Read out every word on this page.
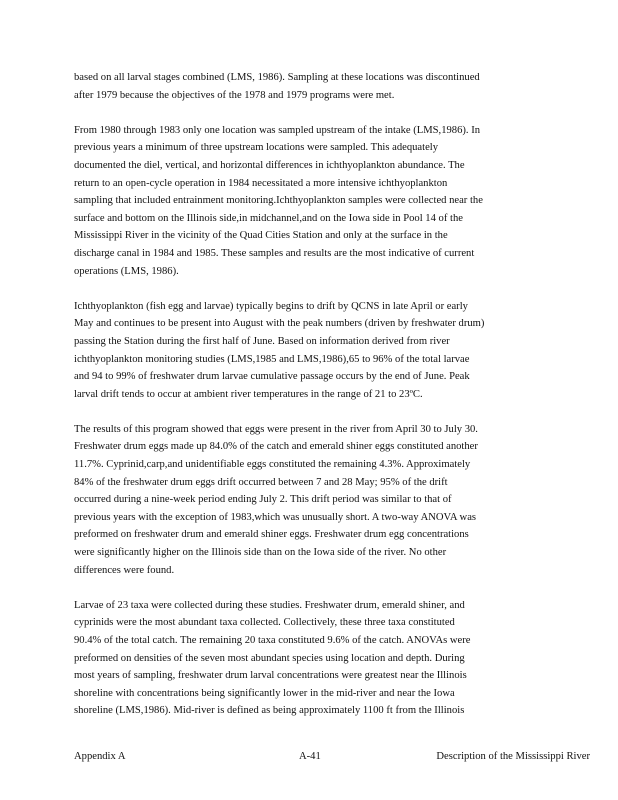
based on all larval stages combined (LMS, 1986). Sampling at these locations was discontinued
after 1979 because the objectives of the 1978 and 1979 programs were met.
From 1980 through 1983 only one location was sampled upstream of the intake (LMS,1986). In
previous years a minimum of three upstream locations were sampled. This adequately
documented the diel, vertical, and horizontal differences in ichthyoplankton abundance. The
return to an open-cycle operation in 1984 necessitated a more intensive ichthyoplankton
sampling that included entrainment monitoring.Ichthyoplankton samples were collected near the
surface and bottom on the Illinois side,in midchannel,and on the Iowa side in Pool 14 of the
Mississippi River in the vicinity of the Quad Cities Station and only at the surface in the
discharge canal in 1984 and 1985. These samples and results are the most indicative of current
operations (LMS, 1986).
Ichthyoplankton (fish egg and larvae) typically begins to drift by QCNS in late April or early
May and continues to be present into August with the peak numbers (driven by freshwater drum)
passing the Station during the first half of June. Based on information derived from river
ichthyoplankton monitoring studies (LMS,1985 and LMS,1986),65 to 96% of the total larvae
and 94 to 99% of freshwater drum larvae cumulative passage occurs by the end of June. Peak
larval drift tends to occur at ambient river temperatures in the range of 21 to 23ºC.
The results of this program showed that eggs were present in the river from April 30 to July 30.
Freshwater drum eggs made up 84.0% of the catch and emerald shiner eggs constituted another
11.7%. Cyprinid,carp,and unidentifiable eggs constituted the remaining 4.3%. Approximately
84% of the freshwater drum eggs drift occurred between 7 and 28 May; 95% of the drift
occurred during a nine-week period ending July 2. This drift period was similar to that of
previous years with the exception of 1983,which was unusually short. A two-way ANOVA was
preformed on freshwater drum and emerald shiner eggs. Freshwater drum egg concentrations
were significantly higher on the Illinois side than on the Iowa side of the river. No other
differences were found.
Larvae of 23 taxa were collected during these studies. Freshwater drum, emerald shiner, and
cyprinids were the most abundant taxa collected. Collectively, these three taxa constituted
90.4% of the total catch. The remaining 20 taxa constituted 9.6% of the catch. ANOVAs were
preformed on densities of the seven most abundant species using location and depth. During
most years of sampling, freshwater drum larval concentrations were greatest near the Illinois
shoreline with concentrations being significantly lower in the mid-river and near the Iowa
shoreline (LMS,1986). Mid-river is defined as being approximately 1100 ft from the Illinois
Appendix A	A-41	Description of the Mississippi River
